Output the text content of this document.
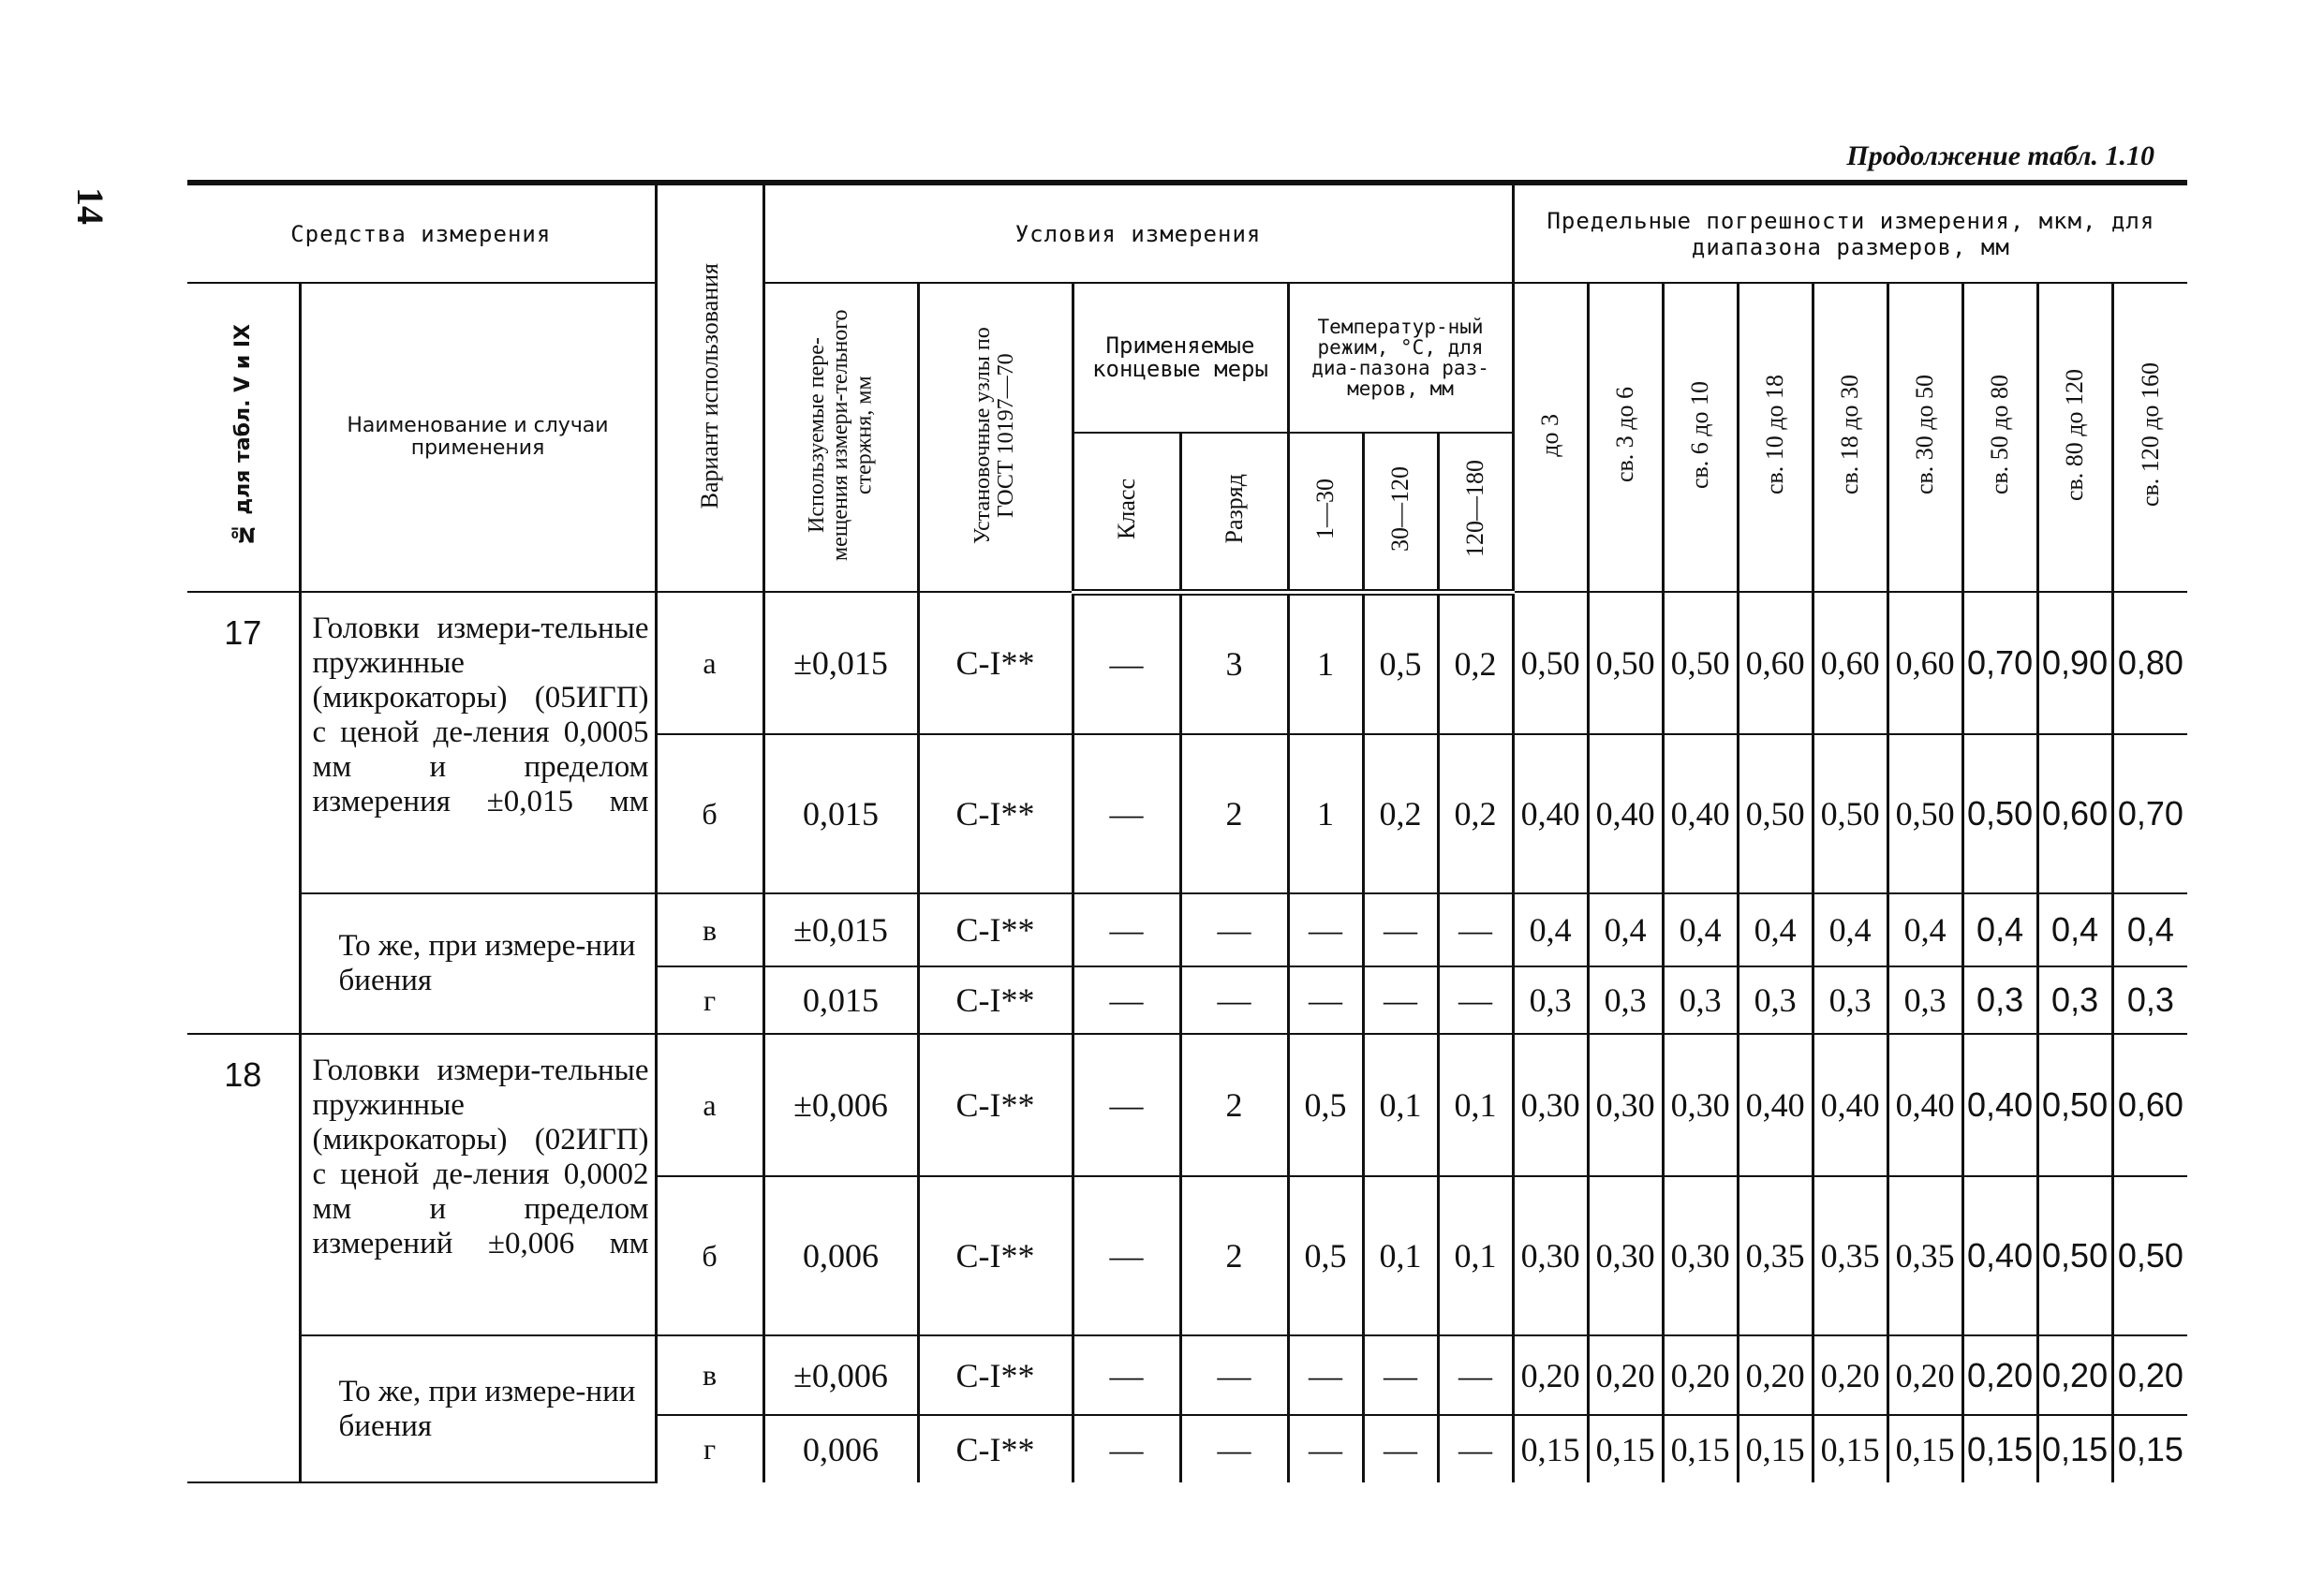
14
Продолжение табл. 1.10
Средства измерения		Вариант использования	Условия измерения							Предельные погрешности измерения, мкм, для диапазона размеров, мм								
№ для табл. V и IX	Наименование и случаи применения		Используемые пере-мещения измери-тельного стержня, мм	Установочные узлы по ГОСТ 10197—70	Применяемые концевые меры		Температур-ный режим, °С, для диа-пазона раз-меров, мм			до 3	св. 3 до 6	св. 6 до 10	св. 10 до 18	св. 18 до 30	св. 30 до 50	св. 50 до 80	св. 80 до 120	св. 120 до 160
					Класс	Разряд	1—30	30—120	120—180									
17	Головки измери-тельные пружинные (микрокаторы) (05ИГП) с ценой де-ления 0,0005 мм и пределом измерения ±0,015 мм	а	±0,015	С-I**	—	3	1	0,5	0,2	0,50	0,50	0,50	0,60	0,60	0,60	0,70	0,90	0,80
		б	0,015	С-I**	—	2	1	0,2	0,2	0,40	0,40	0,40	0,50	0,50	0,50	0,50	0,60	0,70
	То же, при измере-нии биения	в	±0,015	С-I**	—	—	—	—	—	0,4	0,4	0,4	0,4	0,4	0,4	0,4	0,4	0,4
		г	0,015	С-I**	—	—	—	—	—	0,3	0,3	0,3	0,3	0,3	0,3	0,3	0,3	0,3
18	Головки измери-тельные пружинные (микрокаторы) (02ИГП) с ценой де-ления 0,0002 мм и пределом измерений ±0,006 мм	а	±0,006	С-I**	—	2	0,5	0,1	0,1	0,30	0,30	0,30	0,40	0,40	0,40	0,40	0,50	0,60
		б	0,006	С-I**	—	2	0,5	0,1	0,1	0,30	0,30	0,30	0,35	0,35	0,35	0,40	0,50	0,50
	То же, при измере-нии биения	в	±0,006	С-I**	—	—	—	—	—	0,20	0,20	0,20	0,20	0,20	0,20	0,20	0,20	0,20
		г	0,006	С-I**	—	—	—	—	—	0,15	0,15	0,15	0,15	0,15	0,15	0,15	0,15	0,15
